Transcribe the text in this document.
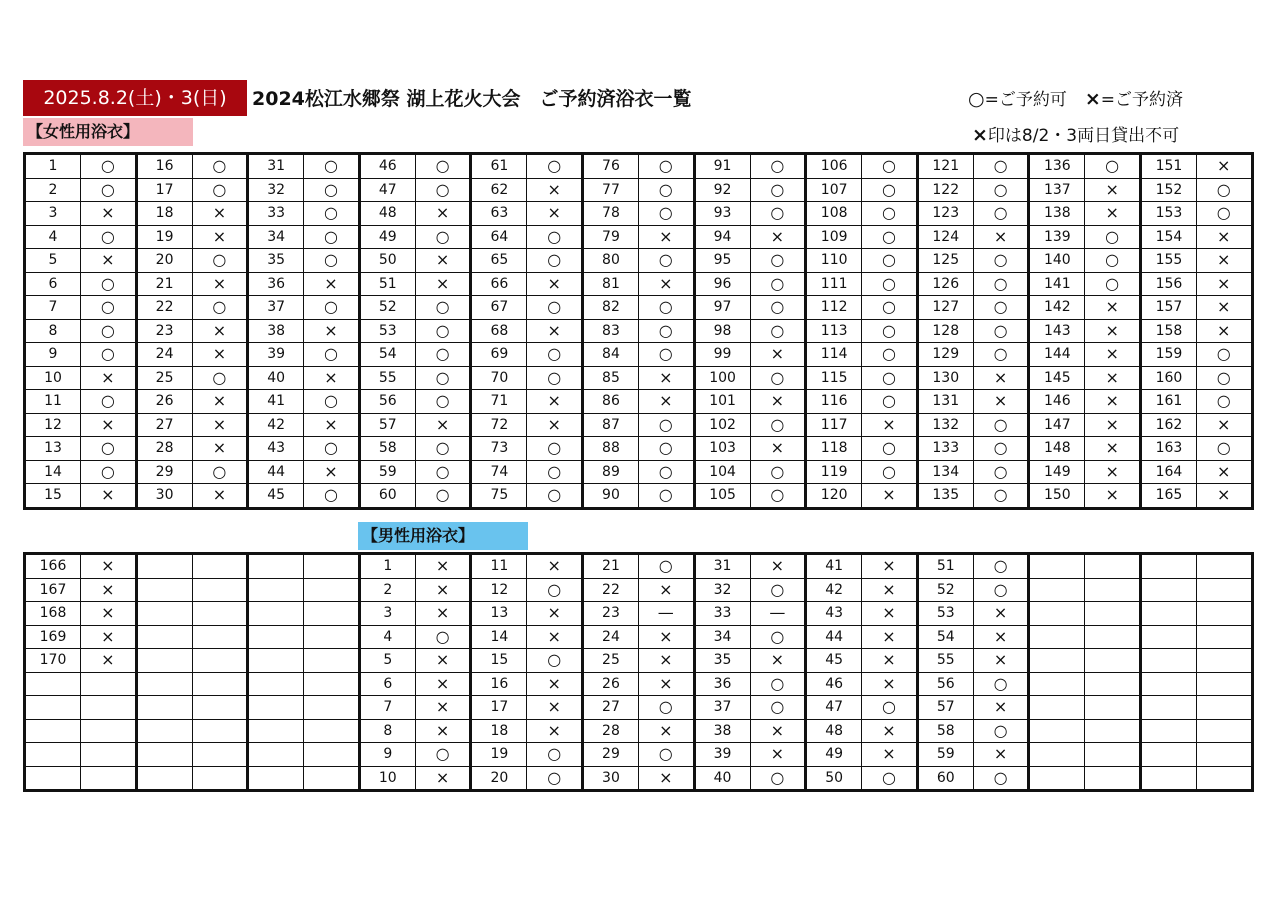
2025.8.2(土)・3(日)	2024松江水郷祭 湖上花火大会　ご予約済浴衣一覧	○=ご予約可 ×=ご予約済
×印は8/2・3両日貸出不可
【女性用浴衣】
1	○	16	○	31	○	46	○	61	○	76	○	91	○	106	○	121	○	136	○	151	×
2	○	17	○	32	○	47	○	62	×	77	○	92	○	107	○	122	○	137	×	152	○
3	×	18	×	33	○	48	×	63	×	78	○	93	○	108	○	123	○	138	×	153	○
4	○	19	×	34	○	49	○	64	○	79	×	94	×	109	○	124	×	139	○	154	×
5	×	20	○	35	○	50	×	65	○	80	○	95	○	110	○	125	○	140	○	155	×
6	○	21	×	36	×	51	×	66	×	81	×	96	○	111	○	126	○	141	○	156	×
7	○	22	○	37	○	52	○	67	○	82	○	97	○	112	○	127	○	142	×	157	×
8	○	23	×	38	×	53	○	68	×	83	○	98	○	113	○	128	○	143	×	158	×
9	○	24	×	39	○	54	○	69	○	84	○	99	×	114	○	129	○	144	×	159	○
10	×	25	○	40	×	55	○	70	○	85	×	100	○	115	○	130	×	145	×	160	○
11	○	26	×	41	○	56	○	71	×	86	×	101	×	116	○	131	×	146	×	161	○
12	×	27	×	42	×	57	×	72	×	87	○	102	○	117	×	132	○	147	×	162	×
13	○	28	×	43	○	58	○	73	○	88	○	103	×	118	○	133	○	148	×	163	○
14	○	29	○	44	×	59	○	74	○	89	○	104	○	119	○	134	○	149	×	164	×
15	×	30	×	45	○	60	○	75	○	90	○	105	○	120	×	135	○	150	×	165	×
【男性用浴衣】
166	×					1	×	11	×	21	○	31	×	41	×	51	○				
167	×					2	×	12	○	22	×	32	○	42	×	52	○				
168	×					3	×	13	×	23	—	33	—	43	×	53	×				
169	×					4	○	14	×	24	×	34	○	44	×	54	×				
170	×					5	×	15	○	25	×	35	×	45	×	55	×				
						6	×	16	×	26	×	36	○	46	×	56	○				
						7	×	17	×	27	○	37	○	47	○	57	×				
						8	×	18	×	28	×	38	×	48	×	58	○				
						9	○	19	○	29	○	39	×	49	×	59	×				
						10	×	20	○	30	×	40	○	50	○	60	○				
